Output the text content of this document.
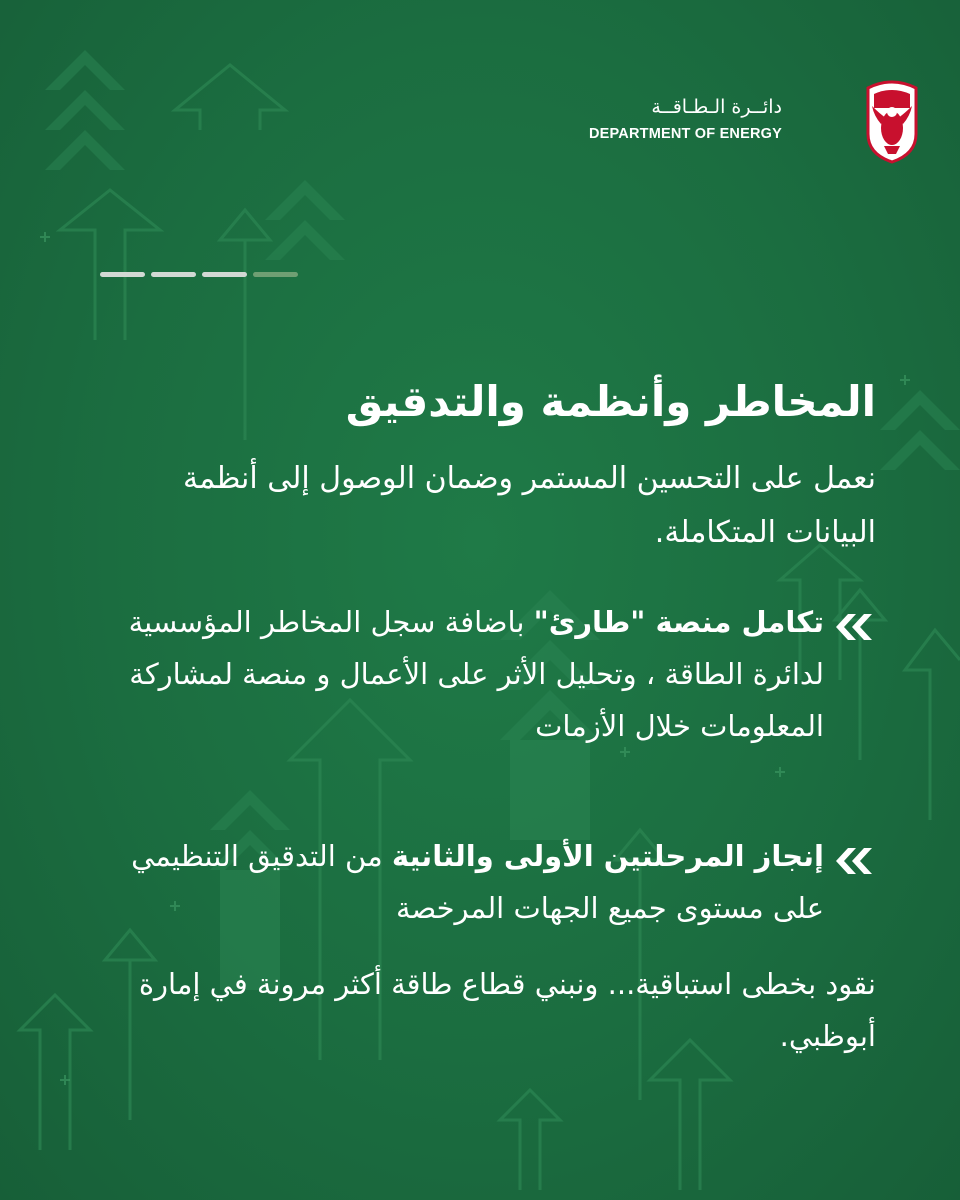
دائــرة الـطـاقــة
DEPARTMENT OF ENERGY
المخاطر وأنظمة والتدقيق

نعمل على التحسين المستمر وضمان الوصول إلى أنظمة البيانات المتكاملة.

تكامل منصة "طارئ" باضافة سجل المخاطر المؤسسية لدائرة الطاقة ، وتحليل الأثر على الأعمال و منصة لمشاركة المعلومات خلال الأزمات

إنجاز المرحلتين الأولى والثانية من التدقيق التنظيمي على مستوى جميع الجهات المرخصة

نقود بخطى استباقية... ونبني قطاع طاقة أكثر مرونة في إمارة أبوظبي.
